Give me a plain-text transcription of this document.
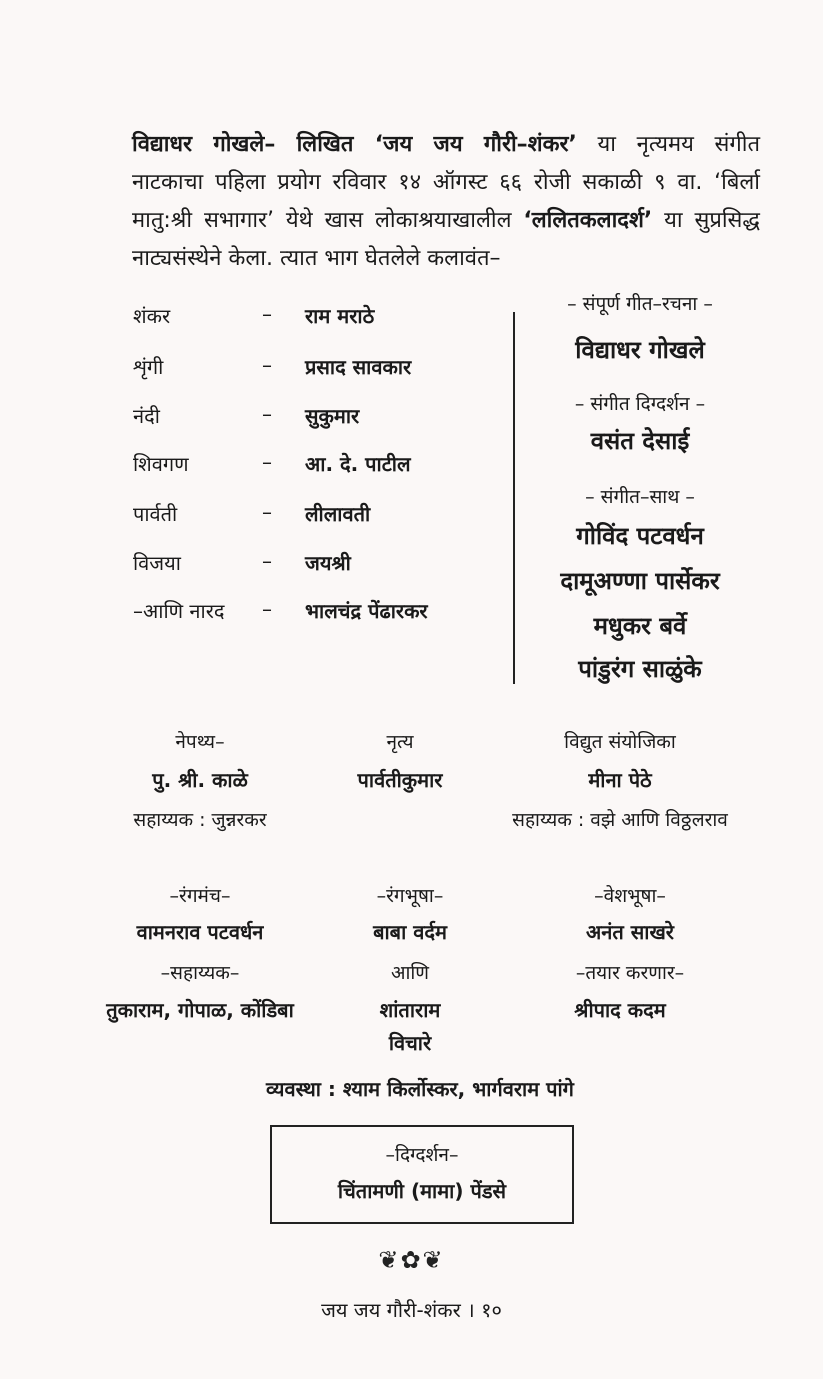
विद्याधर गोखले– लिखित ‘जय जय गौरी–शंकर’ या नृत्यमय संगीत
नाटकाचा पहिला प्रयोग रविवार १४ ऑगस्ट ६६ रोजी सकाळी ९ वा. ‘बिर्ला
मातु:श्री सभागार’ येथे खास लोकाश्रयाखालील ‘ललितकलादर्श’ या सुप्रसिद्ध
नाट्यसंस्थेने केला. त्यात भाग घेतलेले कलावंत–
शंकर	– राम मराठे
शृंगी	– प्रसाद सावकार
नंदी	– सुकुमार
शिवगण	– आ. दे. पाटील
पार्वती	– लीलावती
विजया	– जयश्री
–आणि नारद – भालचंद्र पेंढारकर
– संपूर्ण गीत–रचना –
विद्याधर गोखले
– संगीत दिग्दर्शन –
वसंत देसाई
– संगीत–साथ –
गोविंद पटवर्धन
दामूअण्णा पार्सेकर
मधुकर बर्वे
पांडुरंग साळुंके
नेपथ्य–
पु. श्री. काळे
सहाय्यक : जुन्नरकर
नृत्य
पार्वतीकुमार
विद्युत संयोजिका
मीना पेठे
सहाय्यक : वझे आणि विठ्ठलराव
–रंगमंच–
वामनराव पटवर्धन
–सहाय्यक–
तुकाराम, गोपाळ, कोंडिबा
–रंगभूषा–
बाबा वर्दम
आणि
शांताराम
विचारे
–वेशभूषा–
अनंत साखरे
–तयार करणार–
श्रीपाद कदम
व्यवस्था : श्याम किर्लोस्कर, भार्गवराम पांगे
–दिग्दर्शन–
चिंतामणी (मामा) पेंडसे
❦✿❦
जय जय गौरी-शंकर । १०
